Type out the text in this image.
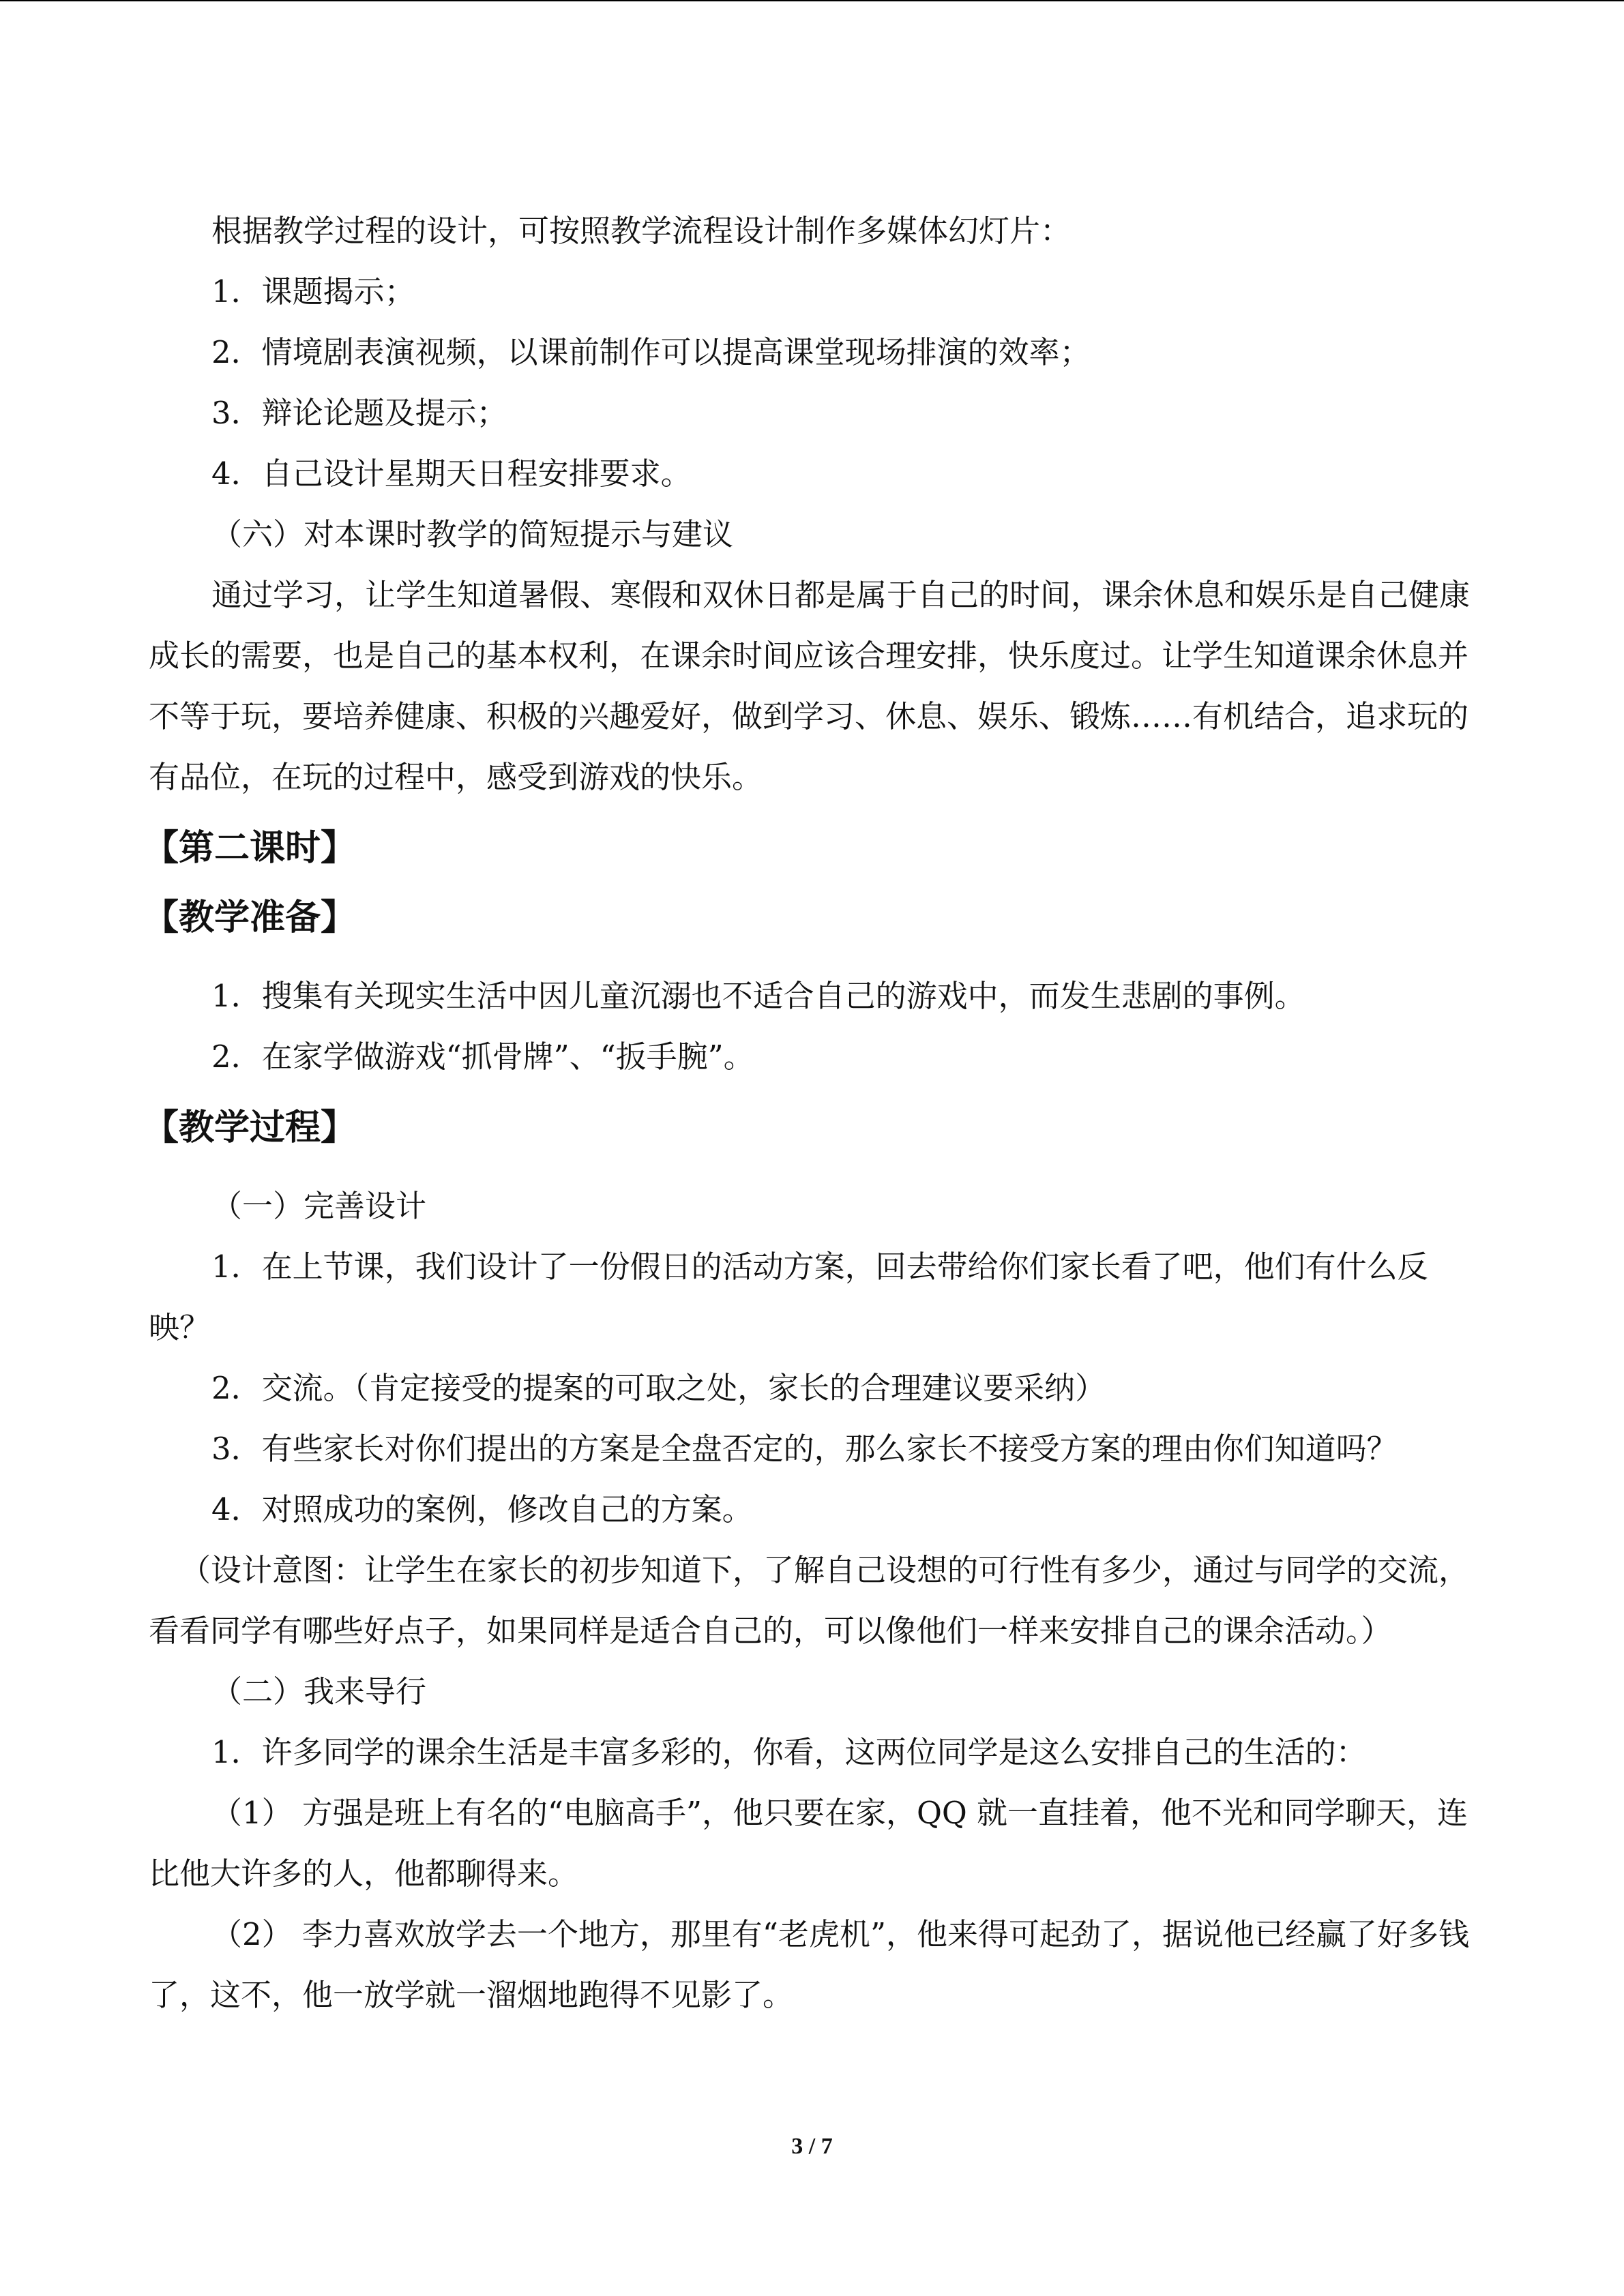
根据教学过程的设计，可按照教学流程设计制作多媒体幻灯片：

1．课题揭示；

2．情境剧表演视频，以课前制作可以提高课堂现场排演的效率；

3．辩论论题及提示；

4．自己设计星期天日程安排要求。

（六）对本课时教学的简短提示与建议

通过学习，让学生知道暑假、寒假和双休日都是属于自己的时间，课余休息和娱乐是自己健康成长的需要，也是自己的基本权利，在课余时间应该合理安排，快乐度过。让学生知道课余休息并不等于玩，要培养健康、积极的兴趣爱好，做到学习、休息、娱乐、锻炼……有机结合，追求玩的有品位，在玩的过程中，感受到游戏的快乐。

【第二课时】
【教学准备】

1．搜集有关现实生活中因儿童沉溺也不适合自己的游戏中，而发生悲剧的事例。

2．在家学做游戏“抓骨牌”、“扳手腕”。

【教学过程】

（一）完善设计

1．在上节课，我们设计了一份假日的活动方案，回去带给你们家长看了吧，他们有什么反映？

2．交流。（肯定接受的提案的可取之处，家长的合理建议要采纳）

3．有些家长对你们提出的方案是全盘否定的，那么家长不接受方案的理由你们知道吗？

4．对照成功的案例，修改自己的方案。

（设计意图：让学生在家长的初步知道下，了解自己设想的可行性有多少，通过与同学的交流，看看同学有哪些好点子，如果同样是适合自己的，可以像他们一样来安排自己的课余活动。）

（二）我来导行

1．许多同学的课余生活是丰富多彩的，你看，这两位同学是这么安排自己的生活的：

（1） 方强是班上有名的“电脑高手”，他只要在家，QQ 就一直挂着，他不光和同学聊天，连比他大许多的人，他都聊得来。

（2） 李力喜欢放学去一个地方，那里有“老虎机”，他来得可起劲了，据说他已经赢了好多钱了，这不，他一放学就一溜烟地跑得不见影了。

3 / 7
